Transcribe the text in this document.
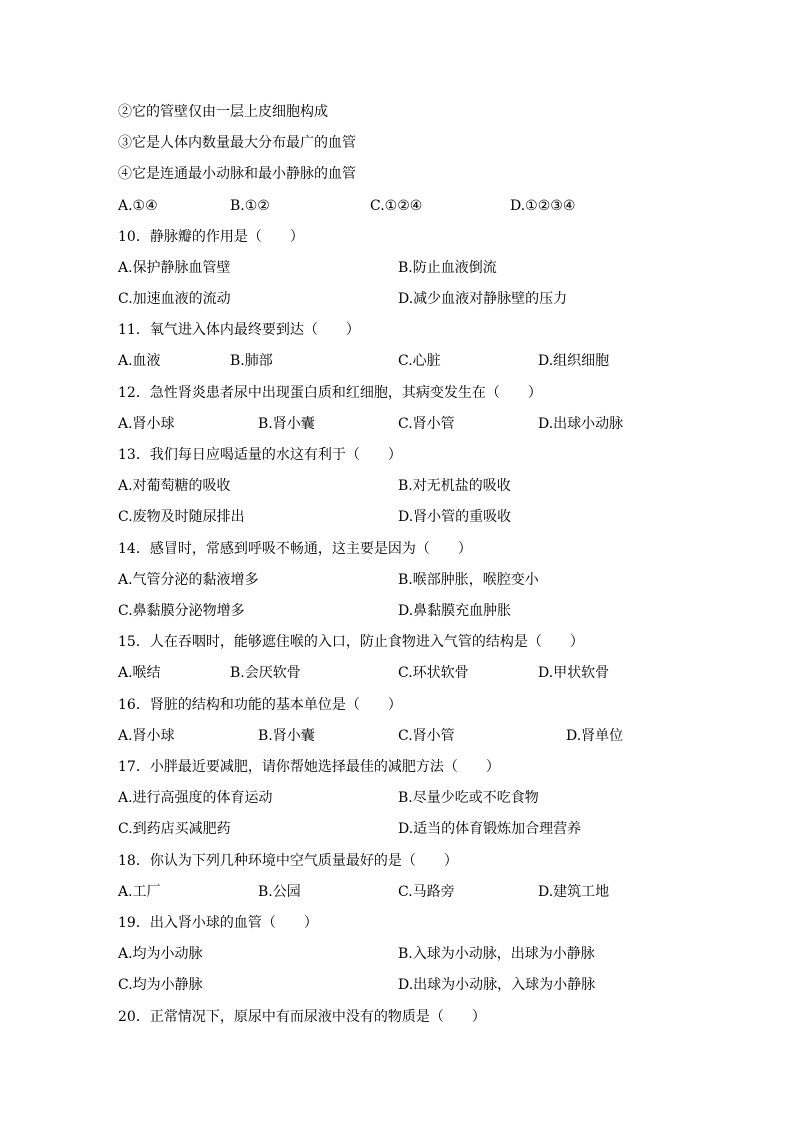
②它的管壁仅由一层上皮细胞构成
③它是人体内数量最大分布最广的血管
④它是连通最小动脉和最小静脉的血管
A.①④	B.①②	C.①②④	D.①②③④
10．静脉瓣的作用是（　　）
A.保护静脉血管壁	B.防止血液倒流
C.加速血液的流动	D.减少血液对静脉壁的压力
11．氧气进入体内最终要到达（　　）
A.血液	B.肺部	C.心脏	D.组织细胞
12．急性肾炎患者尿中出现蛋白质和红细胞，其病变发生在（　　）
A.肾小球	B.肾小囊	C.肾小管	D.出球小动脉
13．我们每日应喝适量的水这有利于（　　）
A.对葡萄糖的吸收	B.对无机盐的吸收
C.废物及时随尿排出	D.肾小管的重吸收
14．感冒时，常感到呼吸不畅通，这主要是因为（　　）
A.气管分泌的黏液增多	B.喉部肿胀，喉腔变小
C.鼻黏膜分泌物增多	D.鼻黏膜充血肿胀
15．人在吞咽时，能够遮住喉的入口，防止食物进入气管的结构是（　　）
A.喉结	B.会厌软骨	C.环状软骨	D.甲状软骨
16．肾脏的结构和功能的基本单位是（　　）
A.肾小球	B.肾小囊	C.肾小管	D.肾单位
17．小胖最近要减肥，请你帮她选择最佳的减肥方法（　　）
A.进行高强度的体育运动	B.尽量少吃或不吃食物
C.到药店买减肥药	D.适当的体育锻炼加合理营养
18．你认为下列几种环境中空气质量最好的是（　　）
A.工厂	B.公园	C.马路旁	D.建筑工地
19．出入肾小球的血管（　　）
A.均为小动脉	B.入球为小动脉，出球为小静脉
C.均为小静脉	D.出球为小动脉，入球为小静脉
20．正常情况下，原尿中有而尿液中没有的物质是（　　）
